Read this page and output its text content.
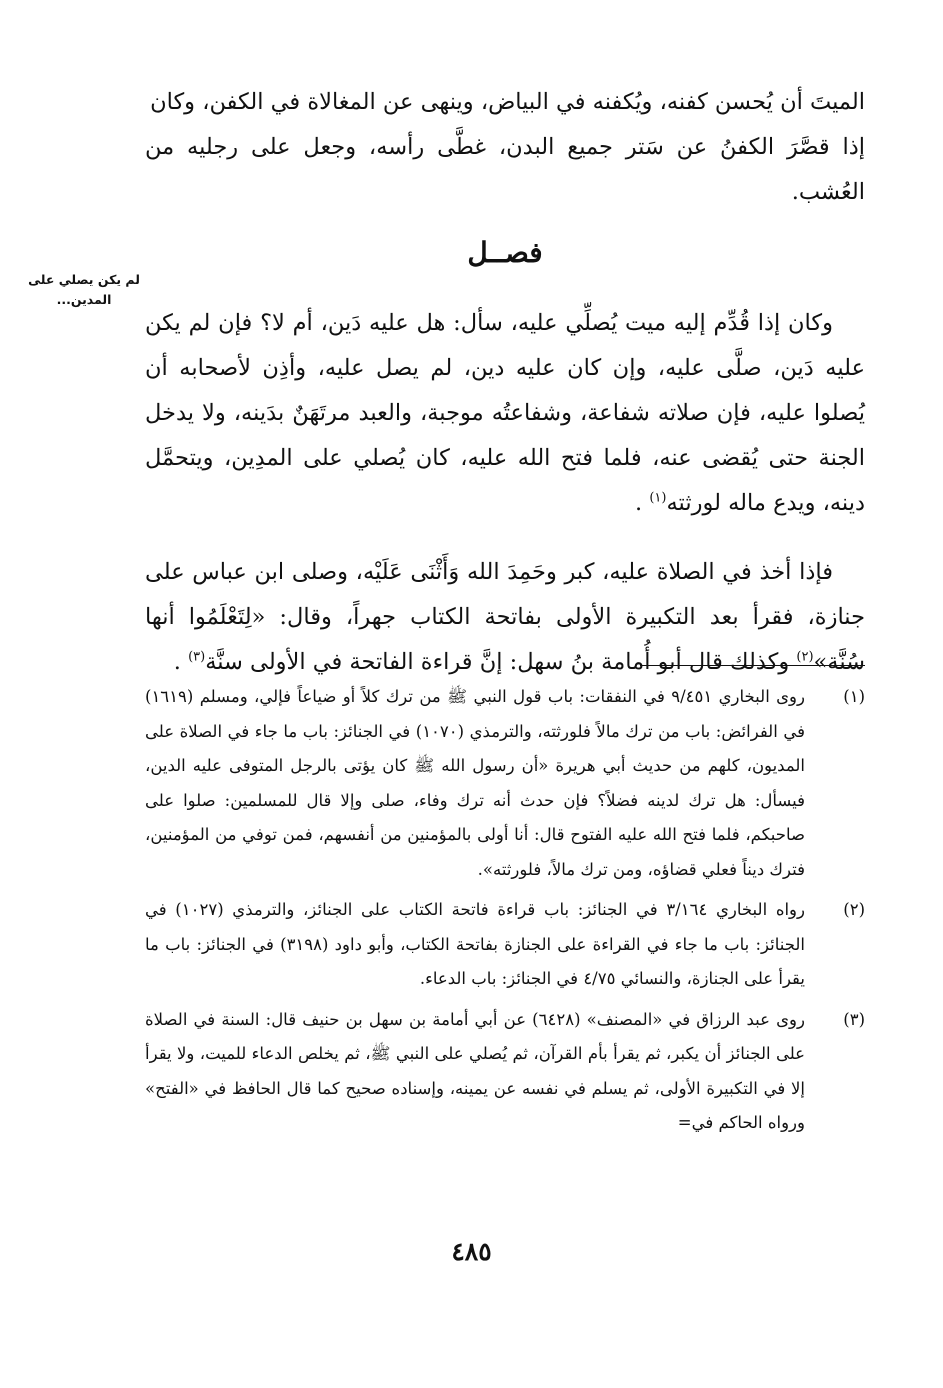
لم يكن يصلي على المدين...

الميتَ أن يُحسن كفنه، ويُكفنه في البياض، وينهى عن المغالاة في الكفن، وكان

إذا قصَّرَ الكفنُ عن سَتر جميع البدن، غطَّى رأسه، وجعل على رجليه من العُشب.

فصــل

وكان إذا قُدِّم إليه ميت يُصلِّي عليه، سأل: هل عليه دَين، أم لا؟ فإن لم يكن عليه دَين، صلَّى عليه، وإن كان عليه دين، لم يصل عليه، وأذِن لأصحابه أن يُصلوا عليه، فإن صلاته شفاعة، وشفاعتُه موجبة، والعبد مرتَهَنٌ بدَينه، ولا يدخل الجنة حتى يُقضى عنه، فلما فتح الله عليه، كان يُصلي على المدِين، ويتحمَّل دينه، ويدع ماله لورثته$^{(١)}$ .

فإذا أخذ في الصلاة عليه، كبر وحَمِدَ الله وَأَثْنَى عَلَيْه، وصلى ابن عباس على جنازة، فقرأ بعد التكبيرة الأولى بفاتحة الكتاب جهراً، وقال: «لِتَعْلَمُوا أنها سُنَّة»$^{(٢)}$ وكذلك قال أبو أُمامة بنُ سهل: إنَّ قراءة الفاتحة في الأولى سنَّة$^{(٣)}$ .

(١)
روى البخاري ٩/٤٥١ في النفقات: باب قول النبي ﷺ من ترك كلاً أو ضياعاً فإلي، ومسلم (١٦١٩) في الفرائض: باب من ترك مالاً فلورثته، والترمذي (١٠٧٠) في الجنائز: باب ما جاء في الصلاة على المديون، كلهم من حديث أبي هريرة «أن رسول الله ﷺ كان يؤتى بالرجل المتوفى عليه الدين، فيسأل: هل ترك لدينه فضلاً؟ فإن حدث أنه ترك وفاء، صلى وإلا قال للمسلمين: صلوا على صاحبكم، فلما فتح الله عليه الفتوح قال: أنا أولى بالمؤمنين من أنفسهم، فمن توفي من المؤمنين، فترك ديناً فعلي قضاؤه، ومن ترك مالاً، فلورثته».
(٢)
رواه البخاري ٣/١٦٤ في الجنائز: باب قراءة فاتحة الكتاب على الجنائز، والترمذي (١٠٢٧) في الجنائز: باب ما جاء في القراءة على الجنازة بفاتحة الكتاب، وأبو داود (٣١٩٨) في الجنائز: باب ما يقرأ على الجنازة، والنسائي ٤/٧٥ في الجنائز: باب الدعاء.
(٣)
روى عبد الرزاق في «المصنف» (٦٤٢٨) عن أبي أمامة بن سهل بن حنيف قال: السنة في الصلاة على الجنائز أن يكبر، ثم يقرأ بأم القرآن، ثم يُصلي على النبي ﷺ، ثم يخلص الدعاء للميت، ولا يقرأ إلا في التكبيرة الأولى، ثم يسلم في نفسه عن يمينه، وإسناده صحيح كما قال الحافظ في «الفتح» ورواه الحاكم في=
٤٨٥
